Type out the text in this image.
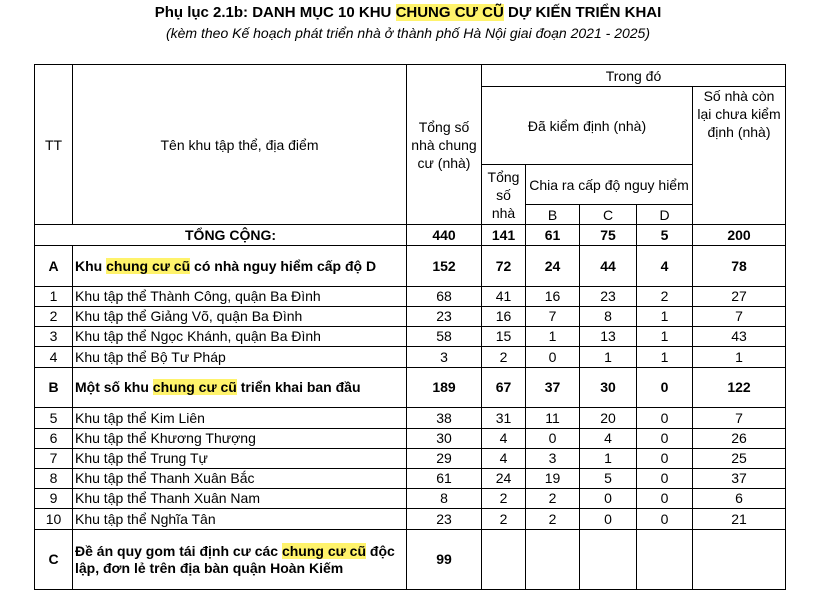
Phụ lục 2.1b: DANH MỤC 10 KHU CHUNG CƯ CŨ DỰ KIẾN TRIỂN KHAI
(kèm theo Kế hoạch phát triển nhà ở thành phố Hà Nội giai đoạn 2021 - 2025)
TT	Tên khu tập thể, địa điểm	Tổng số nhà chung cư (nhà)	Trong đó				
			Đã kiểm định (nhà)				Số nhà còn lại chưa kiểm định (nhà)
			Tổng số nhà	Chia ra cấp độ nguy hiểm			

				B	C	D	
TỔNG CỘNG:		440	141	61	75	5	200
A	Khu chung cư cũ có nhà nguy hiểm cấp độ D	152	72	24	44	4	78
1	Khu tập thể Thành Công, quận Ba Đình	68	41	16	23	2	27
2	Khu tập thể Giảng Võ, quận Ba Đình	23	16	7	8	1	7
3	Khu tập thể Ngọc Khánh, quận Ba Đình	58	15	1	13	1	43
4	Khu tập thể Bộ Tư Pháp	3	2	0	1	1	1
B	Một số khu chung cư cũ triển khai ban đầu	189	67	37	30	0	122
5	Khu tập thể Kim Liên	38	31	11	20	0	7
6	Khu tập thể Khương Thượng	30	4	0	4	0	26
7	Khu tập thể Trung Tự	29	4	3	1	0	25
8	Khu tập thể Thanh Xuân Bắc	61	24	19	5	0	37
9	Khu tập thể Thanh Xuân Nam	8	2	2	0	0	6
10	Khu tập thể Nghĩa Tân	23	2	2	0	0	21
C	Đề án quy gom tái định cư các chung cư cũ độc lập, đơn lẻ trên địa bàn quận Hoàn Kiếm	99					
